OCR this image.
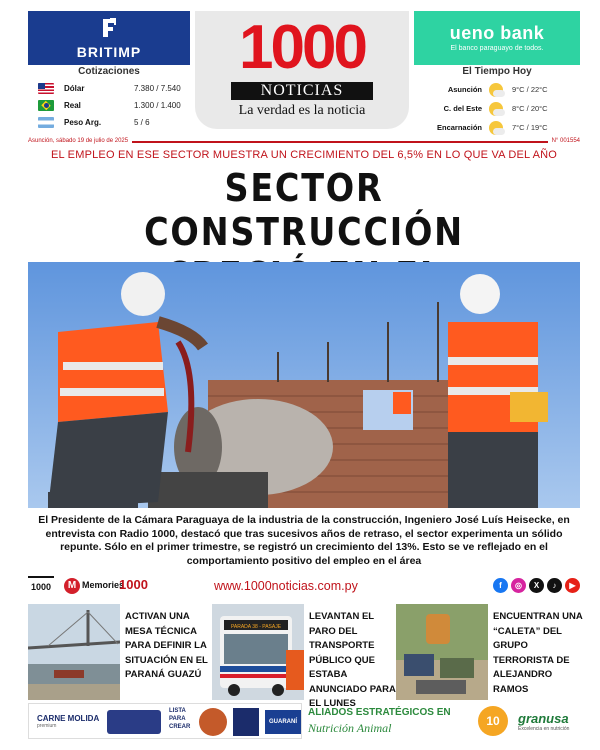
BRITIMP
Cotizaciones
Dólar	7.380 / 7.540
Real	1.300 / 1.400
Peso Arg.	5 / 6
1000
NOTICIAS
La verdad es la noticia
ueno bank
El banco paraguayo de todos.
El Tiempo Hoy
Asunción	9°C / 22°C
C. del Este	8°C / 20°C
Encarnación	7°C / 19°C
Asunción, sábado 19 de julio de 2025	N° 001554
EL EMPLEO EN ESE SECTOR MUESTRA UN CRECIMIENTO DEL 6,5% EN LO QUE VA DEL AÑO
SECTOR CONSTRUCCIÓN
El Presidente de la Cámara Paraguaya de la industria de la construcción, Ingeniero José Luís Heisecke, en entrevista con Radio 1000, destacó que tras sucesivos años de retraso, el sector experimenta un sólido repunte. Sólo en el primer trimestre, se registró un crecimiento del 13%. Esto se ve reflejado en el comportamiento positivo del empleo en el área
1000	M Memories
1000	www.1000noticias.com.py	f	◎	X	♪	▶
ACTIVAN UNA MESA TÉCNICA PARA DEFINIR LA SITUACIÓN EN EL PARANÁ GUAZÚ
PARADA 38 - PASAJE
LEVANTAN EL PARO DEL TRANSPORTE PÚBLICO QUE ESTABA ANUNCIADO PARA EL LUNES
ENCUENTRAN UNA “CALETA” DEL GRUPO TERRORISTA DE ALEJANDRO RAMOS
CARNE MOLIDA
premium
LISTA PARA CREAR
GUARANÍ
ALIADOS ESTRATÉGICOS EN
Nutrición Animal	10	granusa
Excelencia en nutrición
